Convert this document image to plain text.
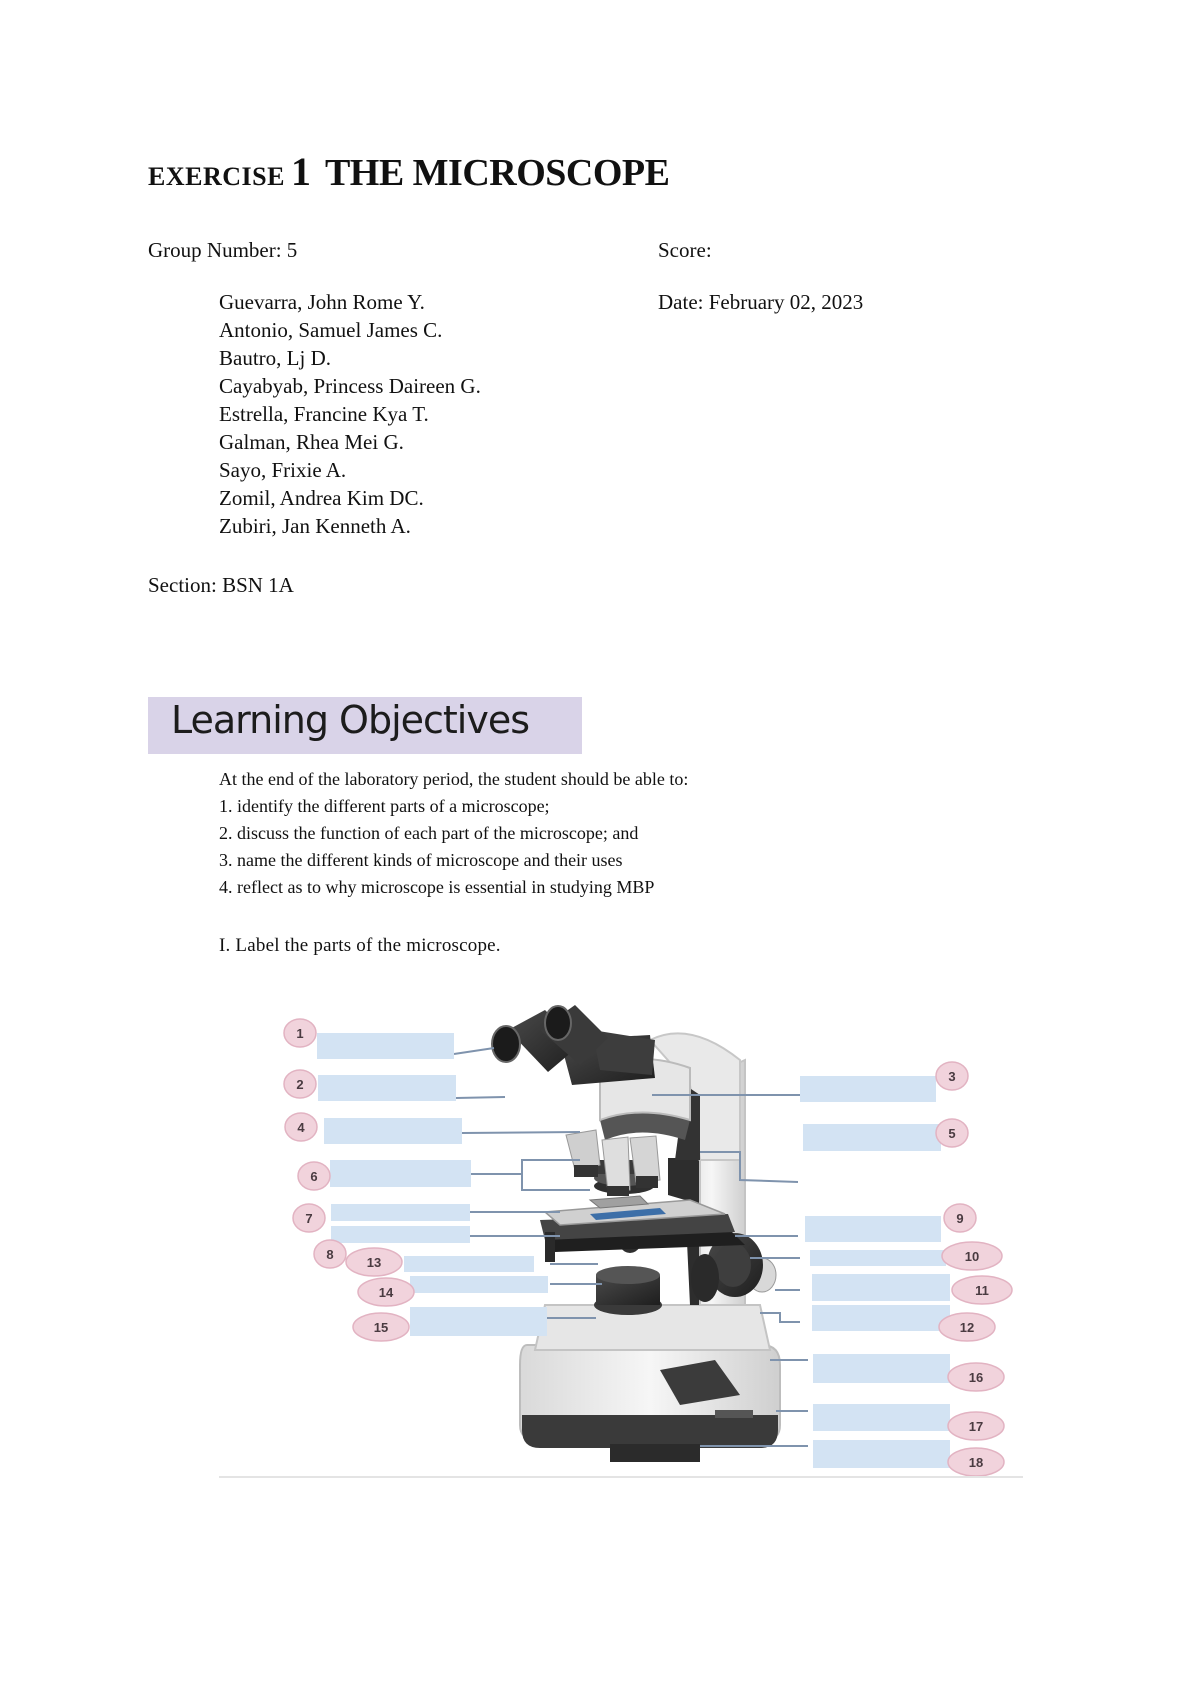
EXERCISE 1 THE MICROSCOPE
Group Number: 5	Score:
Date: February 02, 2023
Guevarra, John Rome Y.
Antonio, Samuel James C.
Bautro, Lj D.
Cayabyab, Princess Daireen G.
Estrella, Francine Kya T.
Galman, Rhea Mei G.
Sayo, Frixie A.
Zomil, Andrea Kim DC.
Zubiri, Jan Kenneth A.
Section: BSN 1A
Learning Objectives
At the end of the laboratory period, the student should be able to:
1. identify the different parts of a microscope;
2. discuss the function of each part of the microscope; and
3. name the different kinds of microscope and their uses
4. reflect as to why microscope is essential in studying MBP
I. Label the parts of the microscope.
1
2
3
4	5
6
7
8
9
10
11
12
13
14
15
16
17
18
